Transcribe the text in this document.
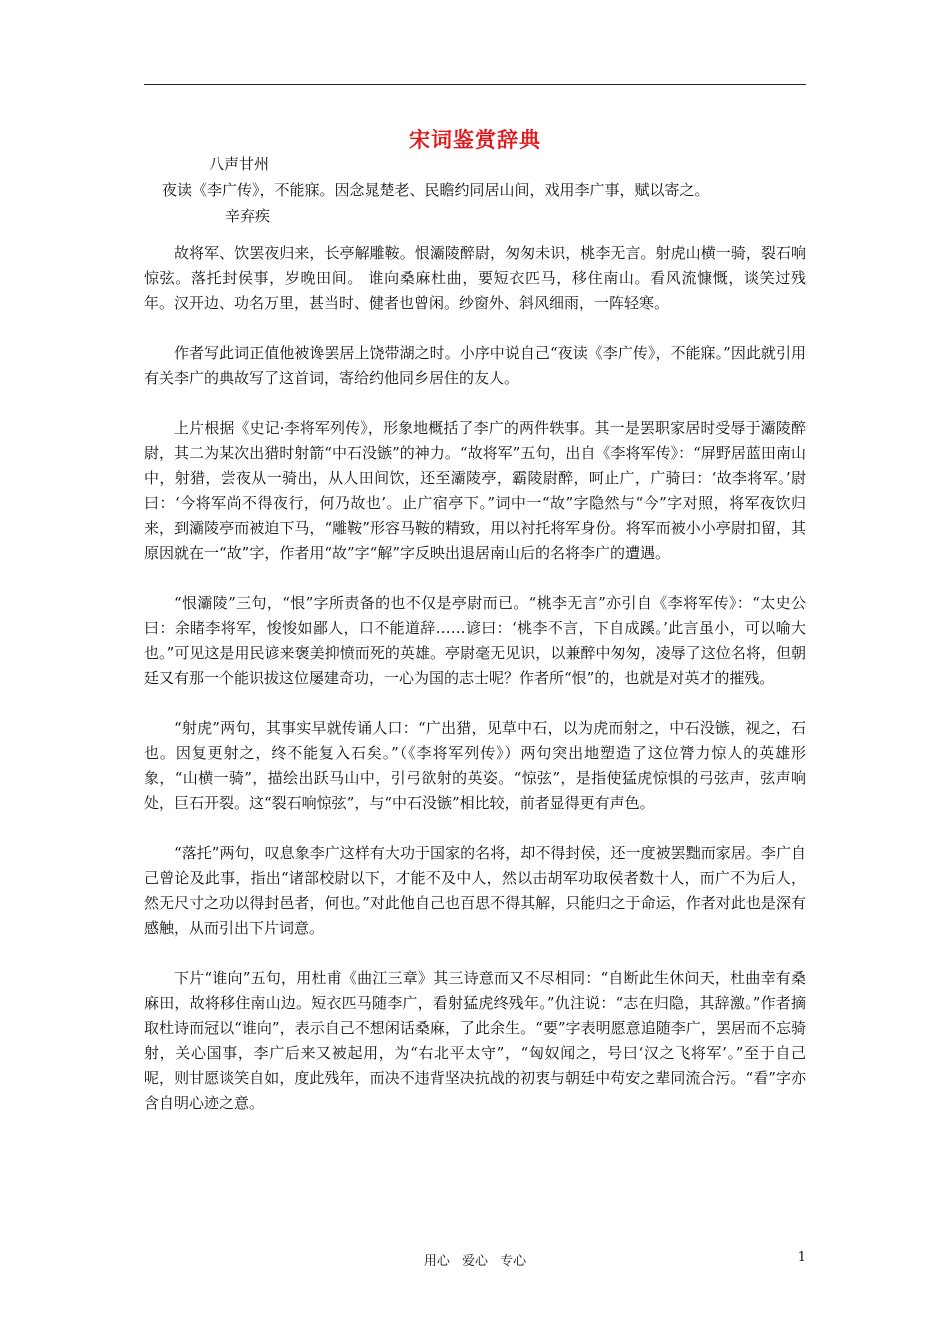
宋词鉴赏辞典
八声甘州
夜读《李广传》，不能寐。因念晁楚老、民瞻约同居山间，戏用李广事，赋以寄之。
辛弃疾

故将军、饮罢夜归来，长亭解雕鞍。恨灞陵醉尉，匆匆未识，桃李无言。射虎山横一骑，裂石响惊弦。落托封侯事，岁晚田间。 谁向桑麻杜曲，要短衣匹马，移住南山。看风流慷慨，谈笑过残年。汉开边、功名万里，甚当时、健者也曾闲。纱窗外、斜风细雨，一阵轻寒。

作者写此词正值他被谗罢居上饶带湖之时。小序中说自己“夜读《李广传》，不能寐。”因此就引用有关李广的典故写了这首词，寄给约他同乡居住的友人。

上片根据《史记·李将军列传》，形象地概括了李广的两件轶事。其一是罢职家居时受辱于灞陵醉尉，其二为某次出猎时射箭“中石没镞”的神力。“故将军”五句，出自《李将军传》：“屏野居蓝田南山中，射猎，尝夜从一骑出，从人田间饮，还至灞陵亭，霸陵尉醉，呵止广，广骑曰：‘故李将军。’尉曰：‘今将军尚不得夜行，何乃故也’。止广宿亭下。”词中一“故”字隐然与“今”字对照，将军夜饮归来，到灞陵亭而被迫下马，“雕鞍”形容马鞍的精致，用以衬托将军身份。将军而被小小亭尉扣留，其原因就在一“故”字，作者用“故”字“解”字反映出退居南山后的名将李广的遭遇。

“恨灞陵”三句，“恨”字所责备的也不仅是亭尉而已。“桃李无言”亦引自《李将军传》：“太史公曰：余睹李将军，悛悛如鄙人，口不能道辞……谚曰：‘桃李不言，下自成蹊。’此言虽小，可以喻大也。”可见这是用民谚来褒美抑愤而死的英雄。亭尉毫无见识，以兼醉中匆匆，凌辱了这位名将，但朝廷又有那一个能识拔这位屡建奇功，一心为国的志士呢？作者所“恨”的，也就是对英才的摧残。

“射虎”两句，其事实早就传诵人口：“广出猎，见草中石，以为虎而射之，中石没镞，视之，石也。因复更射之，终不能复入石矣。”（《李将军列传》）两句突出地塑造了这位膂力惊人的英雄形象，“山横一骑”，描绘出跃马山中，引弓欲射的英姿。“惊弦”，是指使猛虎惊惧的弓弦声，弦声响处，巨石开裂。这“裂石响惊弦”，与“中石没镞”相比较，前者显得更有声色。

“落托”两句，叹息象李广这样有大功于国家的名将，却不得封侯，还一度被罢黜而家居。李广自己曾论及此事，指出“诸部校尉以下，才能不及中人，然以击胡军功取侯者数十人，而广不为后人，然无尺寸之功以得封邑者，何也。”对此他自己也百思不得其解，只能归之于命运，作者对此也是深有感触，从而引出下片词意。

下片“谁向”五句，用杜甫《曲江三章》其三诗意而又不尽相同：“自断此生休问天，杜曲幸有桑麻田，故将移住南山边。短衣匹马随李广，看射猛虎终残年。”仇注说：“志在归隐，其辞激。”作者摘取杜诗而冠以“谁向”，表示自己不想闲话桑麻，了此余生。“要”字表明愿意追随李广，罢居而不忘骑射，关心国事，李广后来又被起用，为“右北平太守”，“匈奴闻之，号曰‘汉之飞将军’。”至于自己呢，则甘愿谈笑自如，度此残年，而决不违背坚决抗战的初衷与朝廷中苟安之辈同流合污。“看”字亦含自明心迹之意。

用心 爱心 专心	1
